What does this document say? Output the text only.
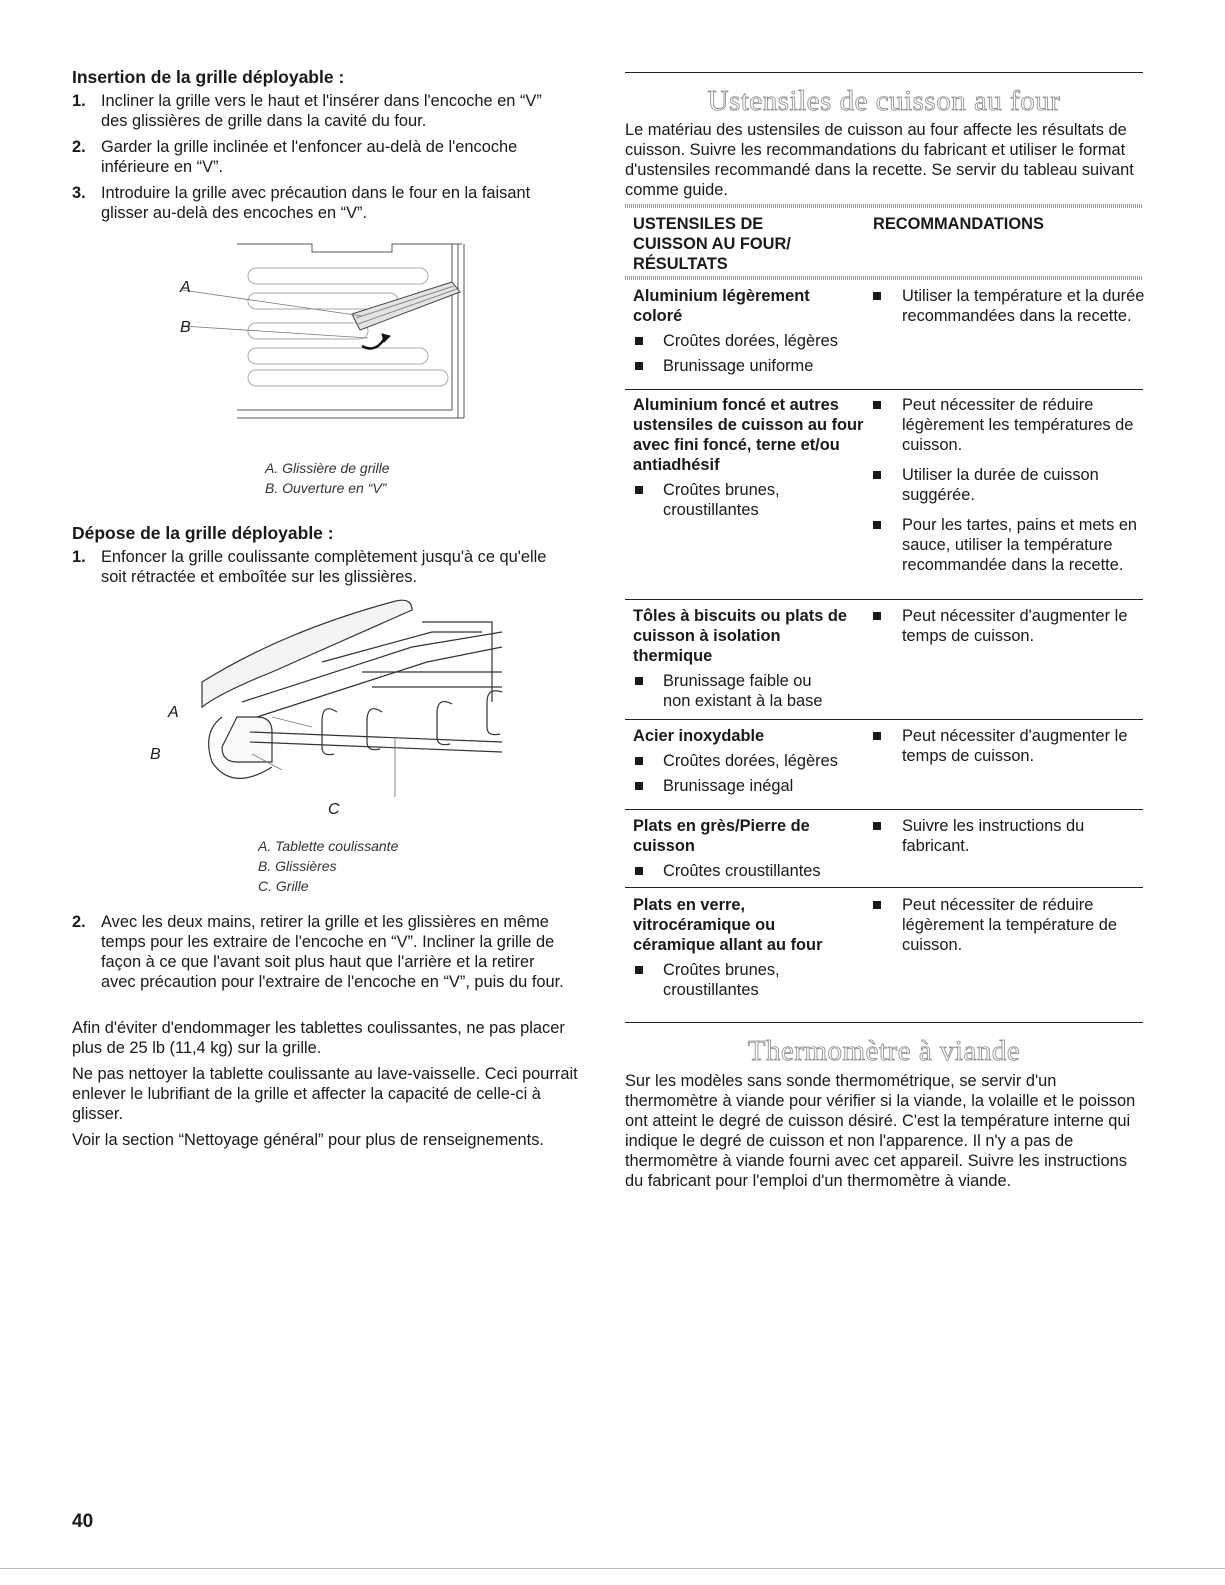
Insertion de la grille déployable :
1. Incliner la grille vers le haut et l'insérer dans l'encoche en “V” des glissières de grille dans la cavité du four.
2. Garder la grille inclinée et l'enfoncer au-delà de l'encoche inférieure en “V”.
3. Introduire la grille avec précaution dans le four en la faisant glisser au-delà des encoches en “V”.
A
B
A. Glissière de grille
B. Ouverture en “V”
Dépose de la grille déployable :
1. Enfoncer la grille coulissante complètement jusqu'à ce qu'elle soit rétractée et emboîtée sur les glissières.
A
B
C
A. Tablette coulissante
B. Glissières
C. Grille
2. Avec les deux mains, retirer la grille et les glissières en même temps pour les extraire de l'encoche en “V”. Incliner la grille de façon à ce que l'avant soit plus haut que l'arrière et la retirer avec précaution pour l'extraire de l'encoche en “V”, puis du four.

Afin d'éviter d'endommager les tablettes coulissantes, ne pas placer plus de 25 lb (11,4 kg) sur la grille.

Ne pas nettoyer la tablette coulissante au lave-vaisselle. Ceci pourrait enlever le lubrifiant de la grille et affecter la capacité de celle-ci à glisser.

Voir la section “Nettoyage général” pour plus de renseignements.

Ustensiles de cuisson au four

Le matériau des ustensiles de cuisson au four affecte les résultats de cuisson. Suivre les recommandations du fabricant et utiliser le format d'ustensiles recommandé dans la recette. Se servir du tableau suivant comme guide.

USTENSILES DE CUISSON AU FOUR/ RÉSULTATS
RECOMMANDATIONS
Aluminium légèrement coloré
Croûtes dorées, légères
Brunissage uniforme
Utiliser la température et la durée recommandées dans la recette.
Aluminium foncé et autres ustensiles de cuisson au four avec fini foncé, terne et/ou antiadhésif
Croûtes brunes, croustillantes
Peut nécessiter de réduire légèrement les températures de cuisson.
Utiliser la durée de cuisson suggérée.
Pour les tartes, pains et mets en sauce, utiliser la température recommandée dans la recette.
Tôles à biscuits ou plats de cuisson à isolation thermique
Brunissage faible ou non existant à la base
Peut nécessiter d'augmenter le temps de cuisson.
Acier inoxydable
Croûtes dorées, légères
Brunissage inégal
Peut nécessiter d'augmenter le temps de cuisson.
Plats en grès/Pierre de cuisson
Croûtes croustillantes
Suivre les instructions du fabricant.
Plats en verre, vitrocéramique ou céramique allant au four
Croûtes brunes, croustillantes
Peut nécessiter de réduire légèrement la température de cuisson.
Thermomètre à viande

Sur les modèles sans sonde thermométrique, se servir d'un thermomètre à viande pour vérifier si la viande, la volaille et le poisson ont atteint le degré de cuisson désiré. C'est la température interne qui indique le degré de cuisson et non l'apparence. Il n'y a pas de thermomètre à viande fourni avec cet appareil. Suivre les instructions du fabricant pour l'emploi d'un thermomètre à viande.

40
